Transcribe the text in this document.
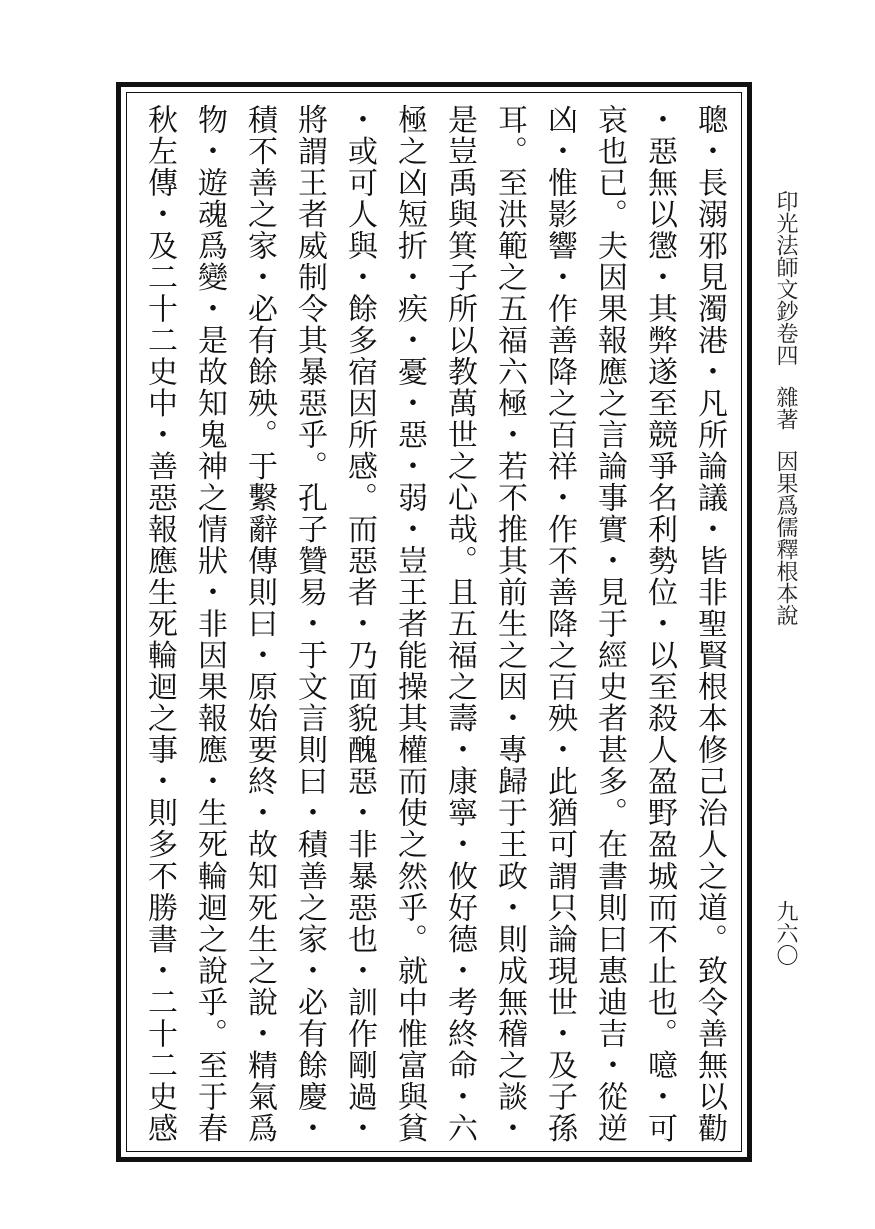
印光法師文鈔卷四雜著因果爲儒釋根本說
九六〇
聰・長溺邪見濁港・凡所論議・皆非聖賢根本修己治人之道。致令善無以勸
・惡無以懲・其弊遂至競爭名利勢位・以至殺人盈野盈城而不止也。噫・可
哀也已。夫因果報應之言論事實・見于經史者甚多。在書則曰惠迪吉・從逆
凶・惟影響・作善降之百祥・作不善降之百殃・此猶可謂只論現世・及子孫
耳。至洪範之五福六極・若不推其前生之因・專歸于王政・則成無稽之談・
是豈禹與箕子所以教萬世之心哉。且五福之壽・康寧・攸好德・考終命・六
極之凶短折・疾・憂・惡・弱・豈王者能操其權而使之然乎。就中惟富與貧
・或可人與・餘多宿因所感。而惡者・乃面貌醜惡・非暴惡也・訓作剛過・
將謂王者威制令其暴惡乎。孔子贊易・于文言則曰・積善之家・必有餘慶・
積不善之家・必有餘殃。于繫辭傳則曰・原始要終・故知死生之說・精氣爲
物・遊魂爲變・是故知鬼神之情狀・非因果報應・生死輪迴之說乎。至于春
秋左傳・及二十二史中・善惡報應生死輪迴之事・則多不勝書・二十二史感
